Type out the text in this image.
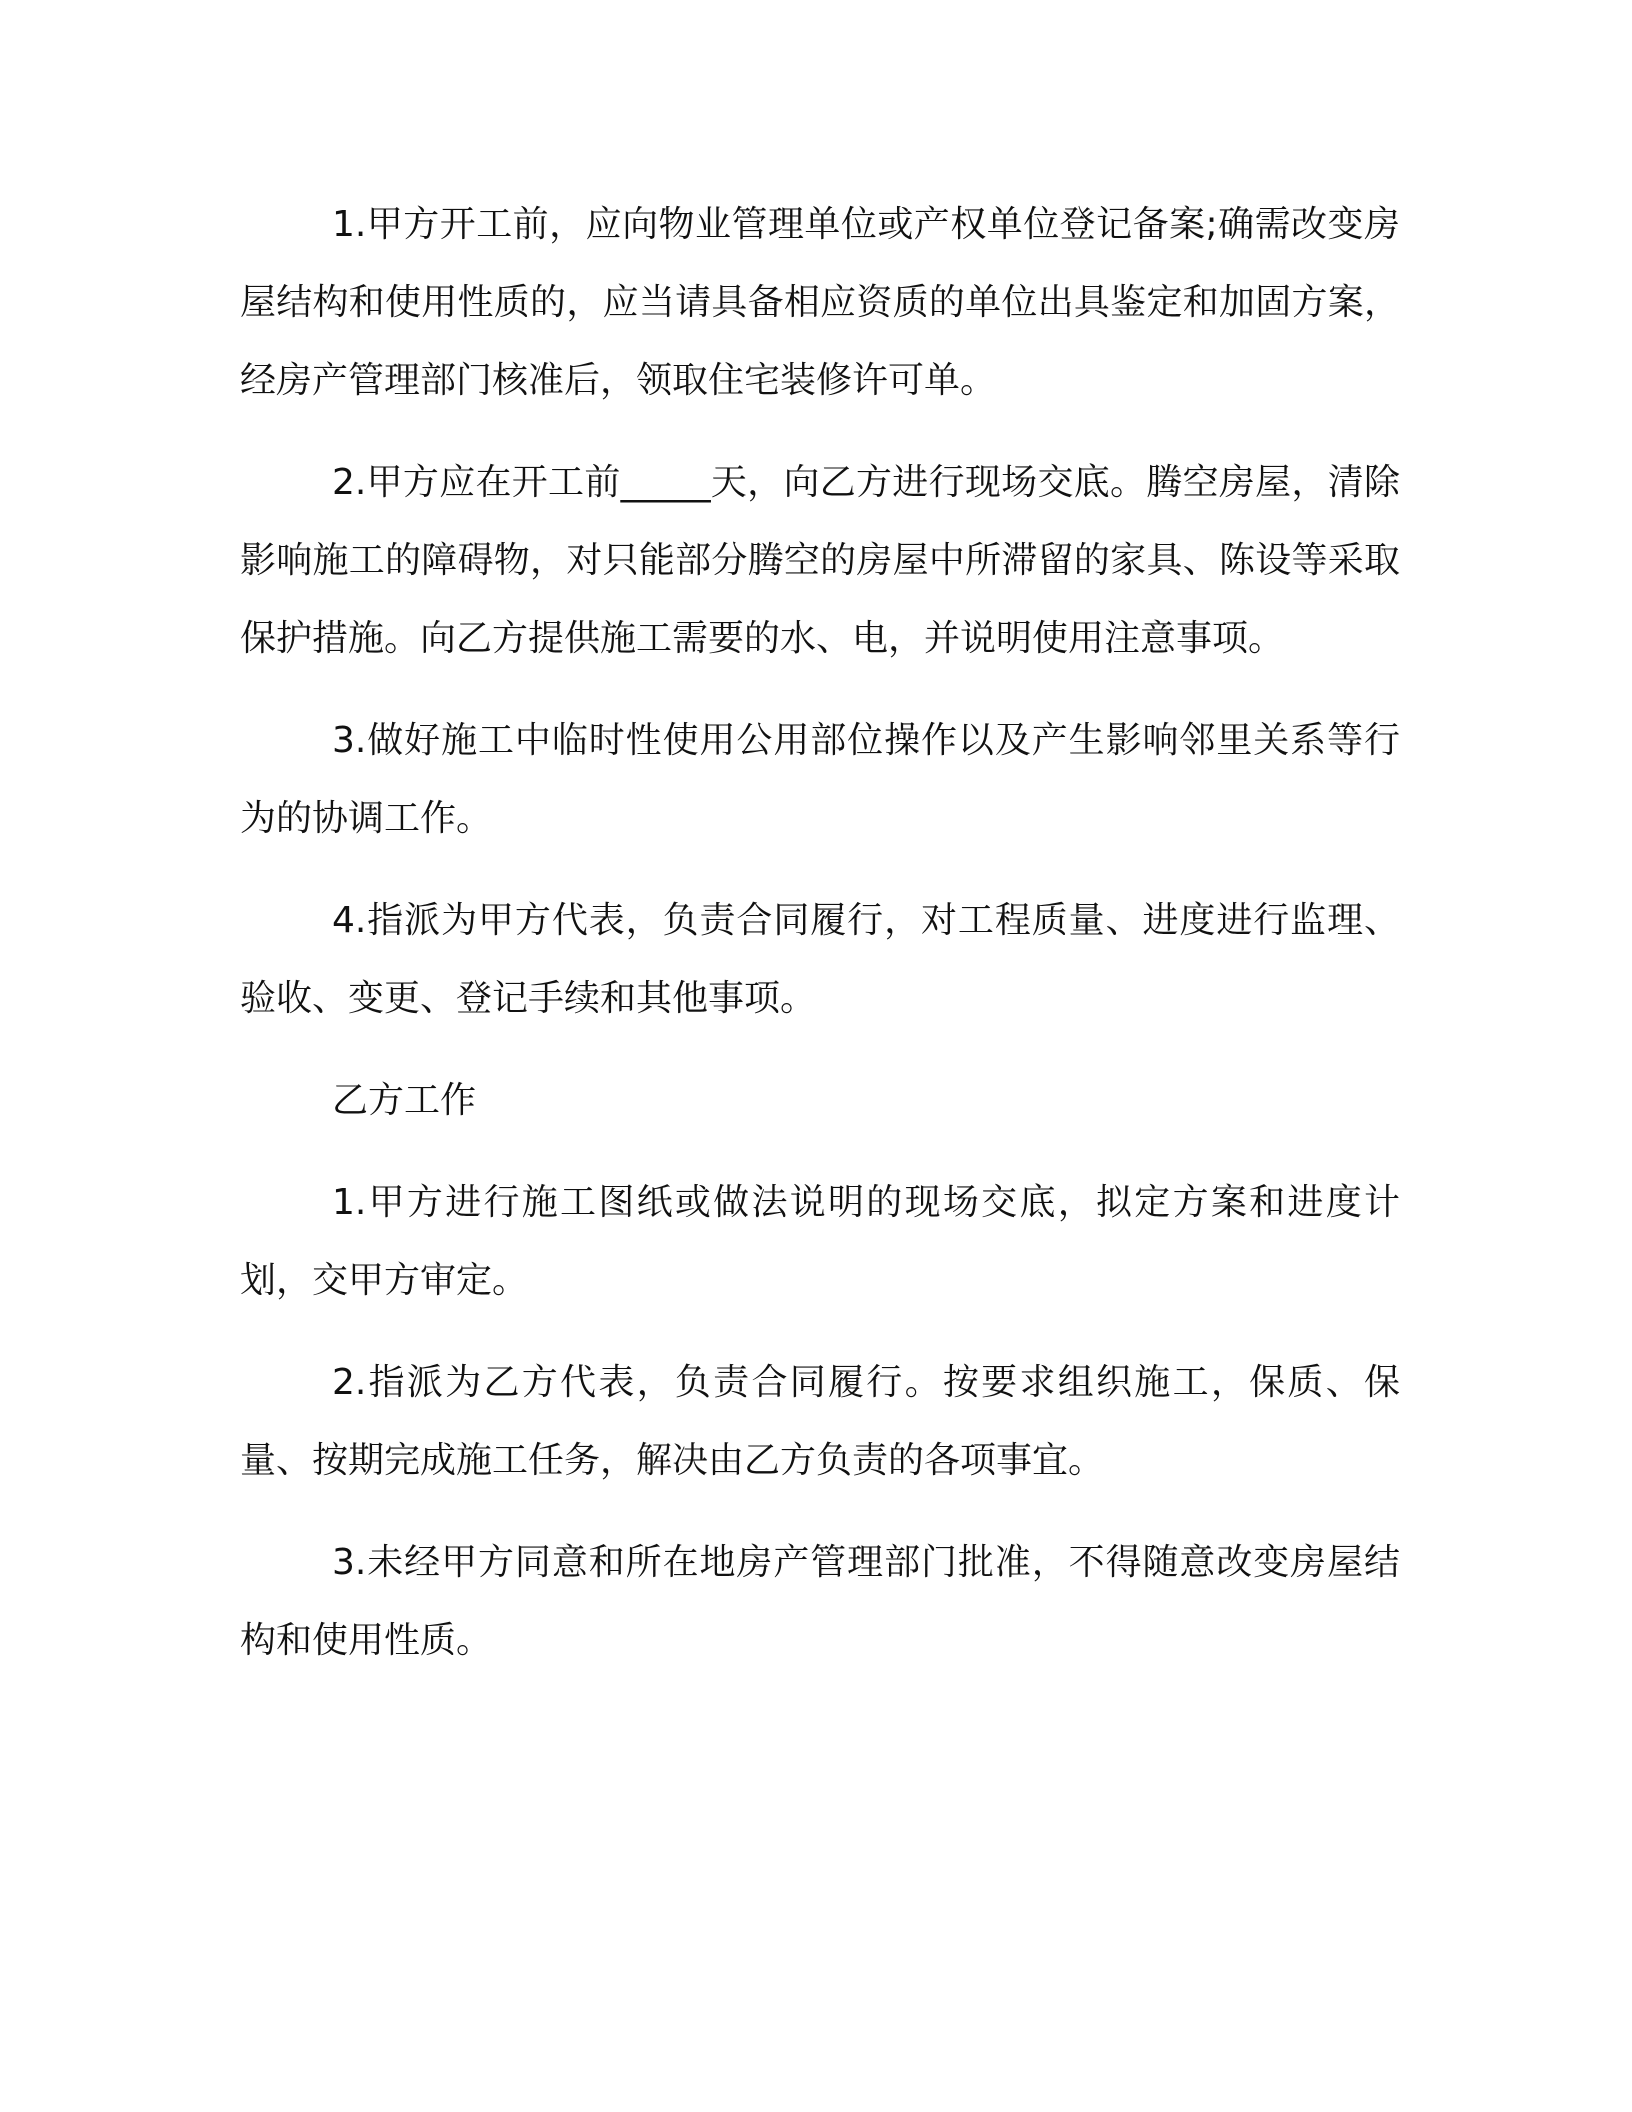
1.甲方开工前，应向物业管理单位或产权单位登记备案;确需改变房屋结构和使用性质的，应当请具备相应资质的单位出具鉴定和加固方案，经房产管理部门核准后，领取住宅装修许可单。

2.甲方应在开工前_____天，向乙方进行现场交底。腾空房屋，清除影响施工的障碍物，对只能部分腾空的房屋中所滞留的家具、陈设等采取保护措施。向乙方提供施工需要的水、电，并说明使用注意事项。

3.做好施工中临时性使用公用部位操作以及产生影响邻里关系等行为的协调工作。

4.指派为甲方代表，负责合同履行，对工程质量、进度进行监理、验收、变更、登记手续和其他事项。

乙方工作

1.甲方进行施工图纸或做法说明的现场交底，拟定方案和进度计划，交甲方审定。

2.指派为乙方代表，负责合同履行。按要求组织施工，保质、保量、按期完成施工任务，解决由乙方负责的各项事宜。

3.未经甲方同意和所在地房产管理部门批准，不得随意改变房屋结构和使用性质。
